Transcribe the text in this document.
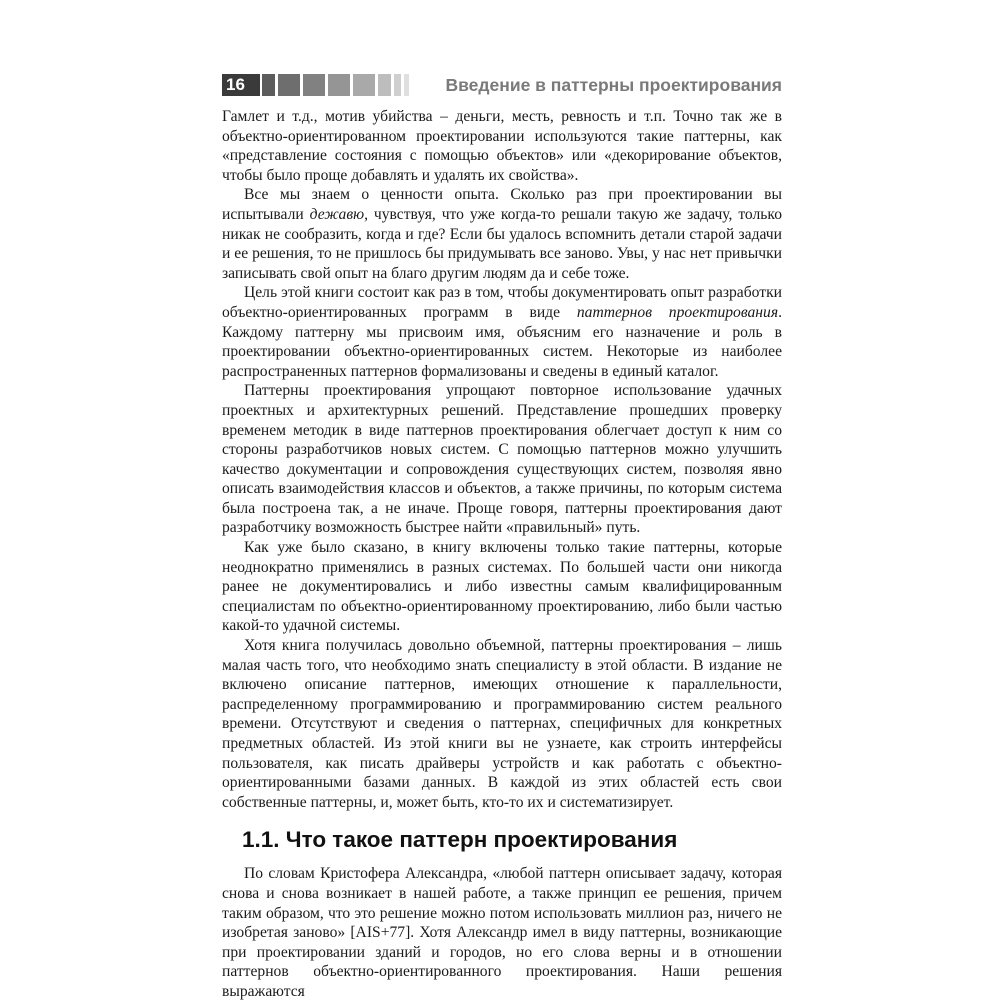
16	Введение в паттерны проектирования

Гамлет и т.д., мотив убийства – деньги, месть, ревность и т.п. Точно так же в объектно-ориентированном проектировании используются такие паттерны, как «представление состояния с помощью объектов» или «декорирование объектов, чтобы было проще добавлять и удалять их свойства».

Все мы знаем о ценности опыта. Сколько раз при проектировании вы испытывали дежавю, чувствуя, что уже когда-то решали такую же задачу, только никак не сообразить, когда и где? Если бы удалось вспомнить детали старой задачи и ее решения, то не пришлось бы придумывать все заново. Увы, у нас нет привычки записывать свой опыт на благо другим людям да и себе тоже.

Цель этой книги состоит как раз в том, чтобы документировать опыт разработки объектно-ориентированных программ в виде паттернов проектирования. Каждому паттерну мы присвоим имя, объясним его назначение и роль в проектировании объектно-ориентированных систем. Некоторые из наиболее распространенных паттернов формализованы и сведены в единый каталог.

Паттерны проектирования упрощают повторное использование удачных проектных и архитектурных решений. Представление прошедших проверку временем методик в виде паттернов проектирования облегчает доступ к ним со стороны разработчиков новых систем. С помощью паттернов можно улучшить качество документации и сопровождения существующих систем, позволяя явно описать взаимодействия классов и объектов, а также причины, по которым система была построена так, а не иначе. Проще говоря, паттерны проектирования дают разработчику возможность быстрее найти «правильный» путь.

Как уже было сказано, в книгу включены только такие паттерны, которые неоднократно применялись в разных системах. По большей части они никогда ранее не документировались и либо известны самым квалифицированным специалистам по объектно-ориентированному проектированию, либо были частью какой-то удачной системы.

Хотя книга получилась довольно объемной, паттерны проектирования – лишь малая часть того, что необходимо знать специалисту в этой области. В издание не включено описание паттернов, имеющих отношение к параллельности, распределенному программированию и программированию систем реального времени. Отсутствуют и сведения о паттернах, специфичных для конкретных предметных областей. Из этой книги вы не узнаете, как строить интерфейсы пользователя, как писать драйверы устройств и как работать с объектно-ориентированными базами данных. В каждой из этих областей есть свои собственные паттерны, и, может быть, кто-то их и систематизирует.

1.1. Что такое паттерн проектирования

По словам Кристофера Александра, «любой паттерн описывает задачу, которая снова и снова возникает в нашей работе, а также принцип ее решения, причем таким образом, что это решение можно потом использовать миллион раз, ничего не изобретая заново» [AIS+77]. Хотя Александр имел в виду паттерны, возникающие при проектировании зданий и городов, но его слова верны и в отношении паттернов объектно-ориентированного проектирования. Наши решения выражаются
